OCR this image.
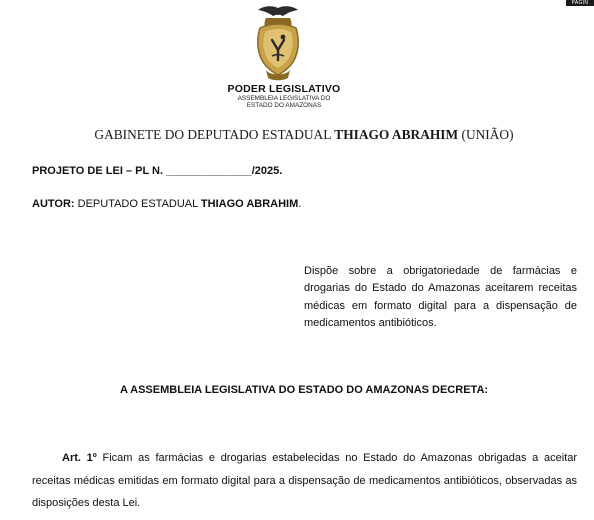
PAGIN
PODER LEGISLATIVO
ASSEMBLEIA LEGISLATIVA DO
ESTADO DO AMAZONAS
GABINETE DO DEPUTADO ESTADUAL THIAGO ABRAHIM (UNIÃO)
PROJETO DE LEI – PL N. ______________/2025.
AUTOR: DEPUTADO ESTADUAL THIAGO ABRAHIM.
Dispõe sobre a obrigatoriedade de farmácias e drogarias do Estado do Amazonas aceitarem receitas médicas em formato digital para a dispensação de medicamentos antibióticos.
A ASSEMBLEIA LEGISLATIVA DO ESTADO DO AMAZONAS DECRETA:
Art. 1º Ficam as farmácias e drogarias estabelecidas no Estado do Amazonas obrigadas a aceitar receitas médicas emitidas em formato digital para a dispensação de medicamentos antibióticos, observadas as disposições desta Lei.
